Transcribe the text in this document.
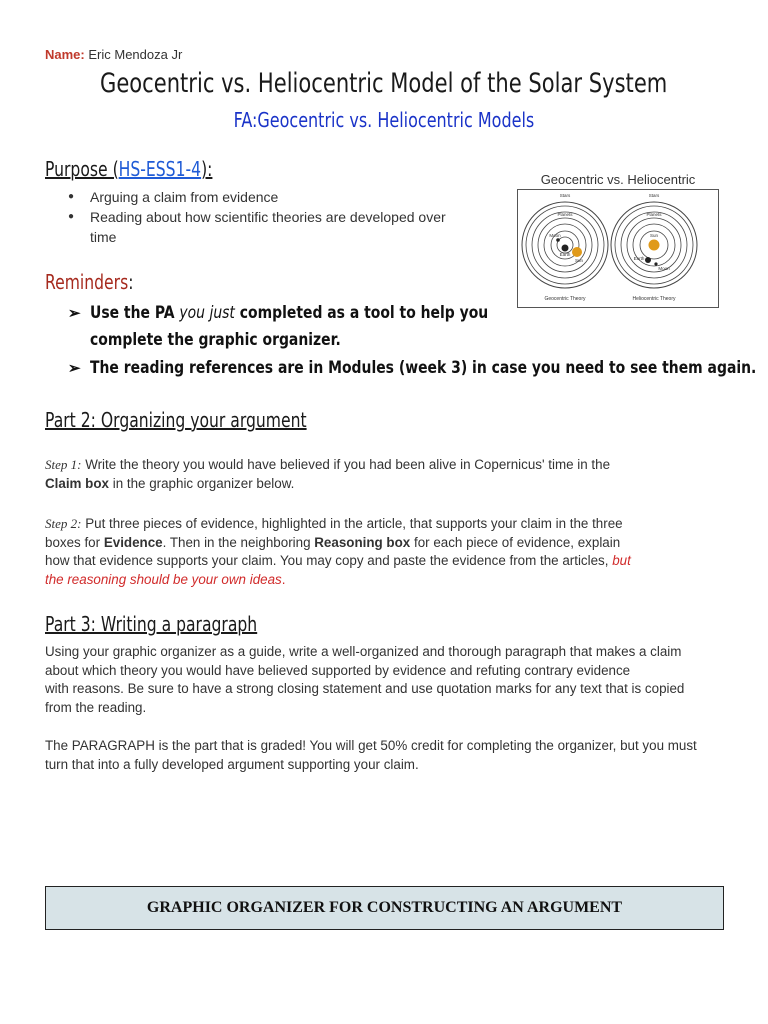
Name: Eric Mendoza Jr
Geocentric vs. Heliocentric Model of the Solar System
FA:Geocentric vs. Heliocentric Models
Purpose (HS-ESS1-4):
● Arguing a claim from evidence
● Reading about how scientific theories are developed over time
Geocentric vs. Heliocentric
Stars
Planets
Moon
Sun
Earth
Geocentric Theory
Stars
Planets
Sun
Earth
Moon
Heliocentric Theory
Reminders:
➢ Use the PA you just completed as a tool to help you
complete the graphic organizer.
➢ The reading references are in Modules (week 3) in case you need to see them again.
Part 2: Organizing your argument
Step 1: Write the theory you would have believed if you had been alive in Copernicus' time in the
Claim box in the graphic organizer below.
Step 2: Put three pieces of evidence, highlighted in the article, that supports your claim in the three
boxes for Evidence. Then in the neighboring Reasoning box for each piece of evidence, explain
how that evidence supports your claim. You may copy and paste the evidence from the articles, but
the reasoning should be your own ideas.
Part 3: Writing a paragraph
Using your graphic organizer as a guide, write a well-organized and thorough paragraph that makes a claim
about which theory you would have believed supported by evidence and refuting contrary evidence
with reasons. Be sure to have a strong closing statement and use quotation marks for any text that is copied
from the reading.
The PARAGRAPH is the part that is graded! You will get 50% credit for completing the organizer, but you must
turn that into a fully developed argument supporting your claim.
GRAPHIC ORGANIZER FOR CONSTRUCTING AN ARGUMENT
